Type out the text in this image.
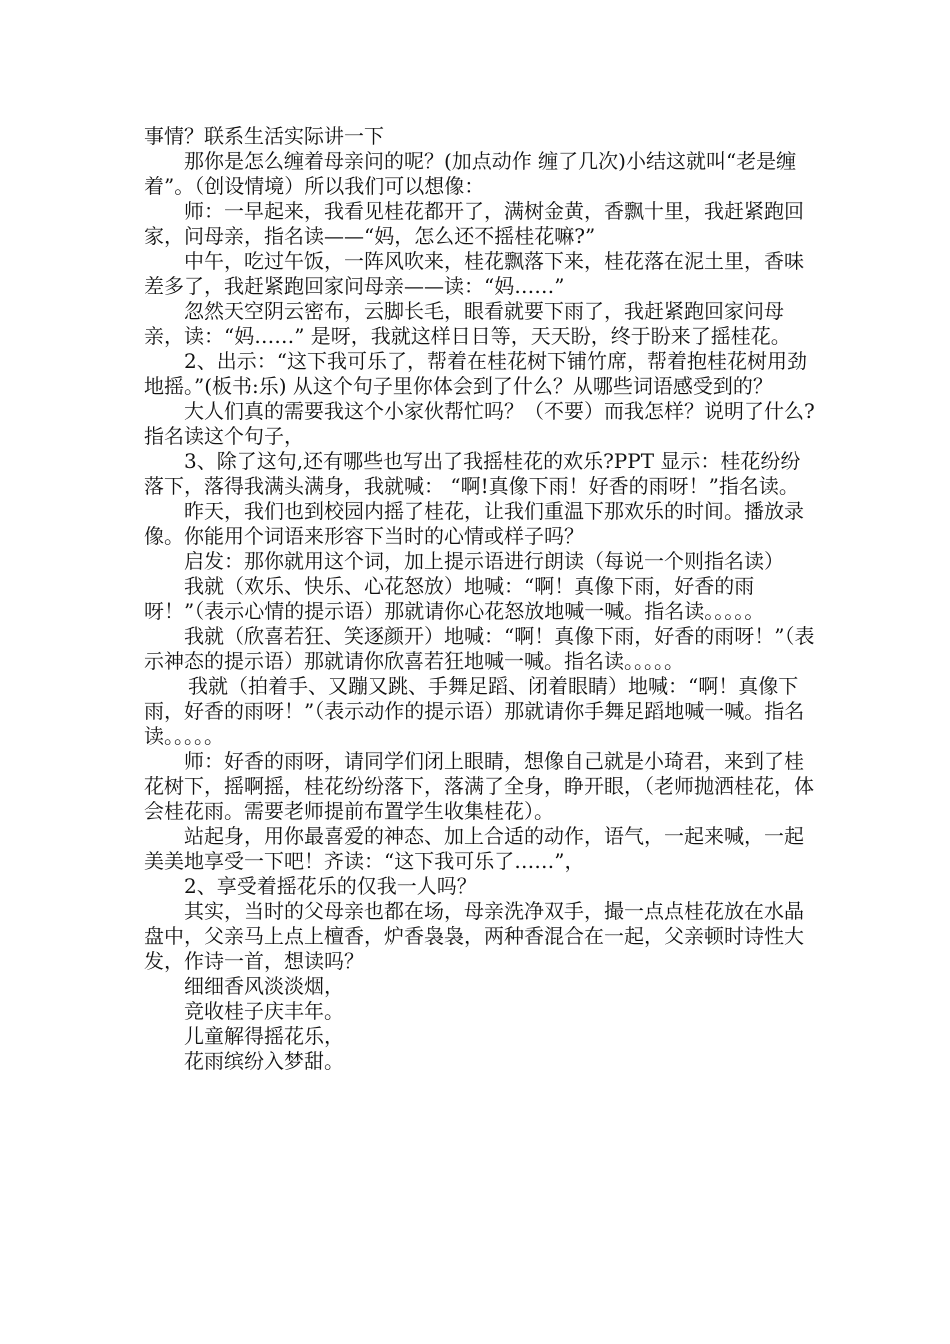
事情？联系生活实际讲一下

那你是怎么缠着母亲问的呢？(加点动作 缠了几次)小结这就叫“老是缠着”。（创设情境）所以我们可以想像：

师：一早起来，我看见桂花都开了，满树金黄，香飘十里，我赶紧跑回家，问母亲，指名读——“妈，怎么还不摇桂花嘛?”

中午，吃过午饭，一阵风吹来，桂花飘落下来，桂花落在泥土里，香味差多了，我赶紧跑回家问母亲——读：“妈……”

忽然天空阴云密布，云脚长毛，眼看就要下雨了，我赶紧跑回家问母亲，读：“妈……” 是呀，我就这样日日等，天天盼，终于盼来了摇桂花。

2、出示：“这下我可乐了，帮着在桂花树下铺竹席，帮着抱桂花树用劲地摇。”(板书:乐) 从这个句子里你体会到了什么？从哪些词语感受到的？

大人们真的需要我这个小家伙帮忙吗？（不要）而我怎样？说明了什么?指名读这个句子，

3、除了这句,还有哪些也写出了我摇桂花的欢乐?PPT 显示：桂花纷纷落下，落得我满头满身，我就喊： “啊!真像下雨！好香的雨呀！”指名读。

昨天，我们也到校园内摇了桂花，让我们重温下那欢乐的时间。播放录像。你能用个词语来形容下当时的心情或样子吗？

启发：那你就用这个词，加上提示语进行朗读（每说一个则指名读）

我就（欢乐、快乐、心花怒放）地喊：“啊！真像下雨，好香的雨呀！”（表示心情的提示语）那就请你心花怒放地喊一喊。指名读。。。。。

我就（欣喜若狂、笑逐颜开）地喊：“啊！真像下雨，好香的雨呀！”（表示神态的提示语）那就请你欣喜若狂地喊一喊。指名读。。。。。

我就（拍着手、又蹦又跳、手舞足蹈、闭着眼睛）地喊：“啊！真像下雨，好香的雨呀！”（表示动作的提示语）那就请你手舞足蹈地喊一喊。指名读。。。。。

师：好香的雨呀，请同学们闭上眼睛，想像自己就是小琦君，来到了桂花树下，摇啊摇，桂花纷纷落下，落满了全身，睁开眼，（老师抛洒桂花，体会桂花雨。需要老师提前布置学生收集桂花）。

站起身，用你最喜爱的神态、加上合适的动作，语气，一起来喊，一起美美地享受一下吧！齐读：“这下我可乐了……”，

2、享受着摇花乐的仅我一人吗？

其实，当时的父母亲也都在场，母亲洗净双手，撮一点点桂花放在水晶盘中，父亲马上点上檀香，炉香袅袅，两种香混合在一起，父亲顿时诗性大发，作诗一首，想读吗？

细细香风淡淡烟，

竞收桂子庆丰年。

儿童解得摇花乐，

花雨缤纷入梦甜。
